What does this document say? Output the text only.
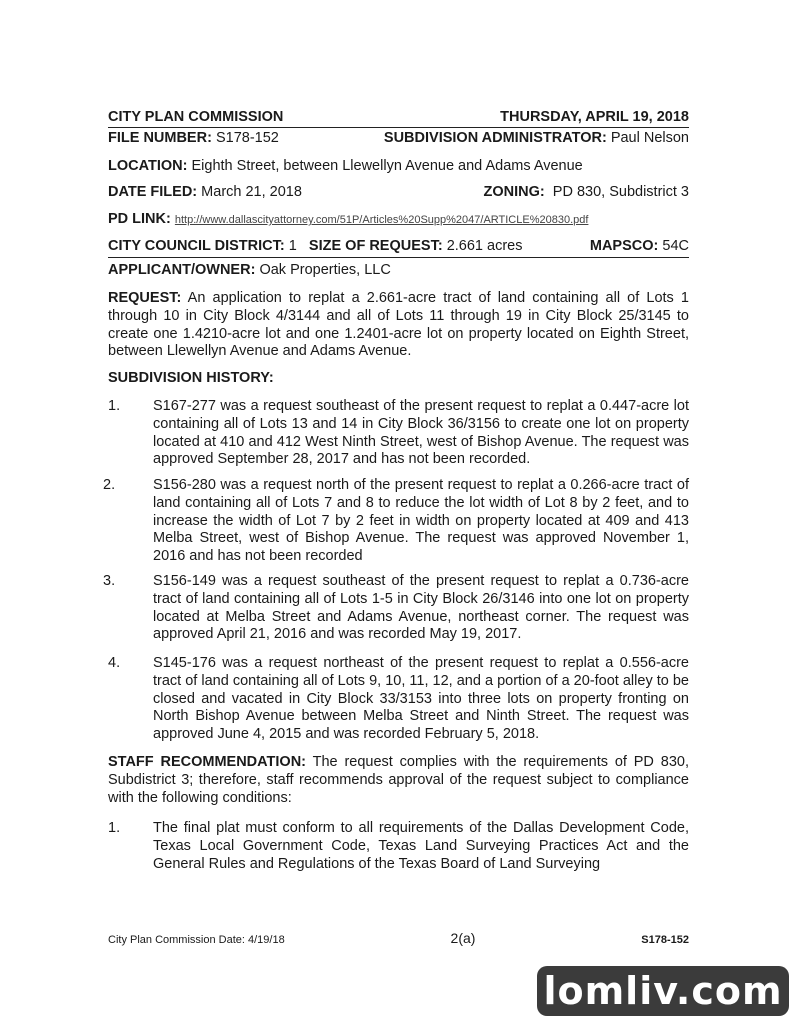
CITY PLAN COMMISSION	THURSDAY, APRIL 19, 2018
FILE NUMBER: S178-152	SUBDIVISION ADMINISTRATOR: Paul Nelson
LOCATION: Eighth Street, between Llewellyn Avenue and Adams Avenue
DATE FILED: March 21, 2018	ZONING: PD 830, Subdistrict 3
PD LINK: http://www.dallascityattorney.com/51P/Articles%20Supp%2047/ARTICLE%20830.pdf
CITY COUNCIL DISTRICT: 1 SIZE OF REQUEST: 2.661 acres	MAPSCO: 54C
APPLICANT/OWNER: Oak Properties, LLC
REQUEST: An application to replat a 2.661-acre tract of land containing all of Lots 1 through 10 in City Block 4/3144 and all of Lots 11 through 19 in City Block 25/3145 to create one 1.4210-acre lot and one 1.2401-acre lot on property located on Eighth Street, between Llewellyn Avenue and Adams Avenue.
SUBDIVISION HISTORY:
1. S167-277 was a request southeast of the present request to replat a 0.447-acre lot containing all of Lots 13 and 14 in City Block 36/3156 to create one lot on property located at 410 and 412 West Ninth Street, west of Bishop Avenue. The request was approved September 28, 2017 and has not been recorded.
2.	S156-280 was a request north of the present request to replat a 0.266-acre tract of land containing all of Lots 7 and 8 to reduce the lot width of Lot 8 by 2 feet, and to increase the width of Lot 7 by 2 feet in width on property located at 409 and 413 Melba Street, west of Bishop Avenue. The request was approved November 1, 2016 and has not been recorded
3.	S156-149 was a request southeast of the present request to replat a 0.736-acre tract of land containing all of Lots 1-5 in City Block 26/3146 into one lot on property located at Melba Street and Adams Avenue, northeast corner. The request was approved April 21, 2016 and was recorded May 19, 2017.
4. S145-176 was a request northeast of the present request to replat a 0.556-acre tract of land containing all of Lots 9, 10, 11, 12, and a portion of a 20-foot alley to be closed and vacated in City Block 33/3153 into three lots on property fronting on North Bishop Avenue between Melba Street and Ninth Street. The request was approved June 4, 2015 and was recorded February 5, 2018.
STAFF RECOMMENDATION: The request complies with the requirements of PD 830, Subdistrict 3; therefore, staff recommends approval of the request subject to compliance with the following conditions:
1. The final plat must conform to all requirements of the Dallas Development Code, Texas Local Government Code, Texas Land Surveying Practices Act and the General Rules and Regulations of the Texas Board of Land Surveying
City Plan Commission Date: 4/19/18	2(a)	S178-152
lomliv.com
